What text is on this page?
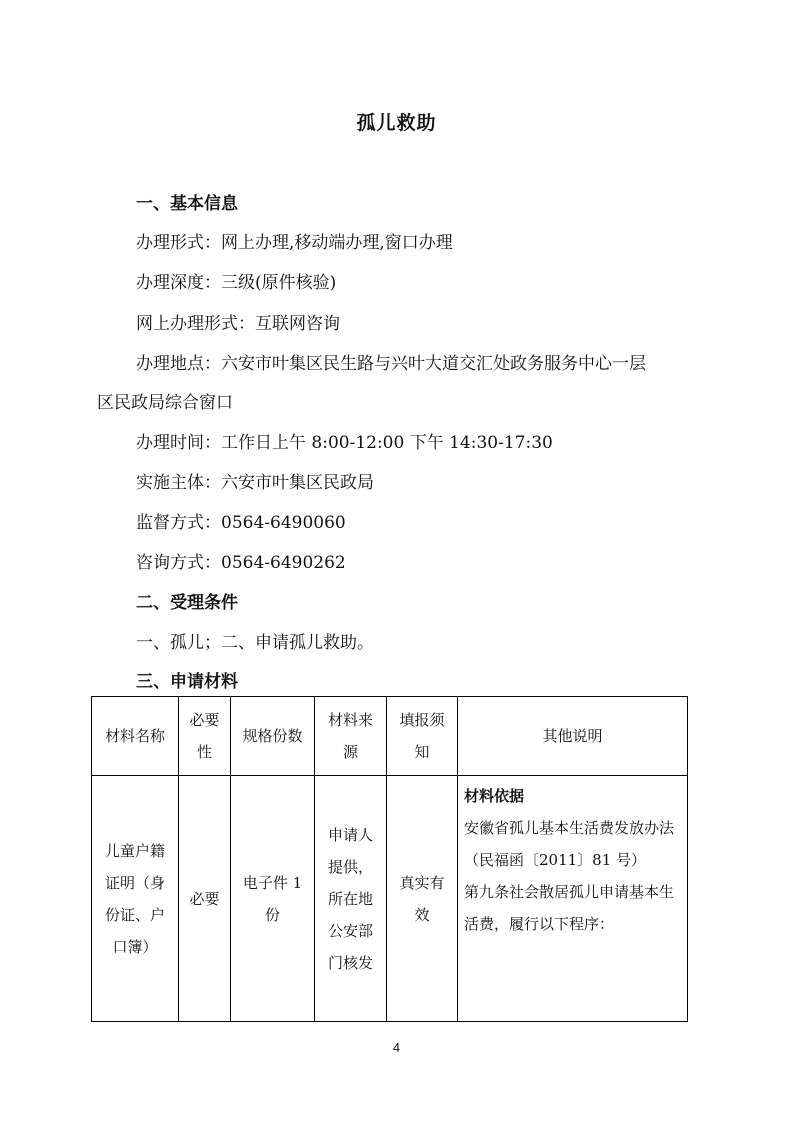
孤儿救助
一、基本信息
办理形式：网上办理,移动端办理,窗口办理
办理深度：三级(原件核验)
网上办理形式：互联网咨询
办理地点：六安市叶集区民生路与兴叶大道交汇处政务服务中心一层
区民政局综合窗口
办理时间：工作日上午 8:00-12:00 下午 14:30-17:30
实施主体：六安市叶集区民政局
监督方式：0564-6490060
咨询方式：0564-6490262
二、受理条件
一、孤儿；二、申请孤儿救助。
三、申请材料
材料名称	必要性	规格份数	材料来源	填报须知	其他说明
儿童户籍证明（身份证、户口簿）	必要	电子件 1 份	申请人提供，所在地公安部门核发	真实有效	材料依据
安徽省孤儿基本生活费发放办法
（民福函〔2011〕81 号）
第九条社会散居孤儿申请基本生活费，履行以下程序：
4
